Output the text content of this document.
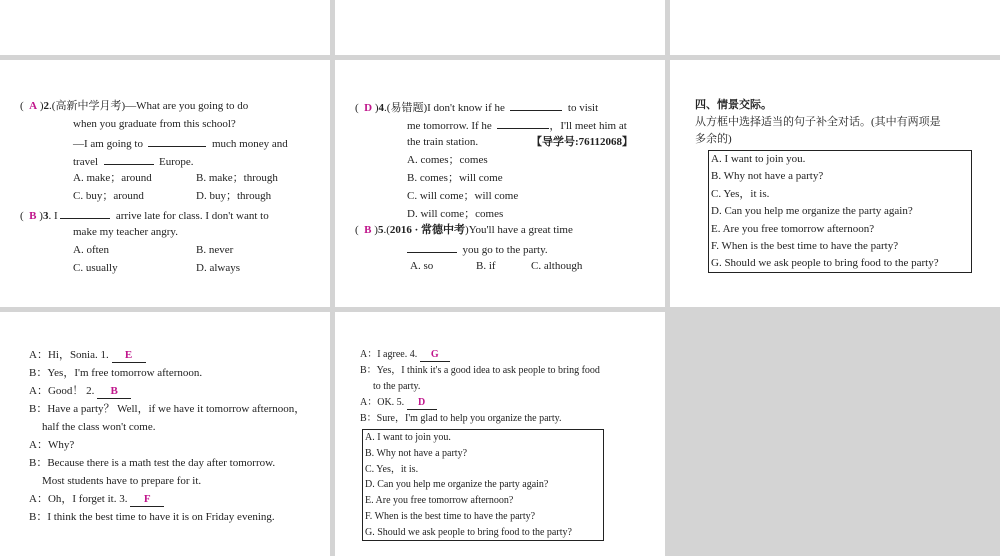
(  A )2.(高新中学月考)—What are you going to do
when you graduate from this school?
—I am going to	much money and
travel	Europe.
A. make；around	B. make；through
C. buy；around	D. buy；through
(  B )3. I	arrive late for class. I don't want to
make my teacher angry.
A. often	B. never
C. usually	D. always
(  D )4.(易错题)I don't know if he	to visit
me tomorrow. If he	，I'll meet him at
the train station.	【导学号:76112068】
A. comes；comes
B. comes；will come
C. will come；will come
D. will come；comes
(  B )5.(2016 · 常德中考)You'll have a great time
you go to the party.
A. so	B. if	C. although
四、情景交际。
从方框中选择适当的句子补全对话。(其中有两项是
多余的)
A. I want to join you.
B. Why not have a party?
C. Yes，it is.
D. Can you help me organize the party again?
E. Are you free tomorrow afternoon?
F. When is the best time to have the party?
G. Should we ask people to bring food to the party?
A：Hi，Sonia. 1. E
B：Yes，I'm free tomorrow afternoon.
A：Good！ 2. B
B：Have a party？ Well，if we have it tomorrow afternoon，
half the class won't come.
A：Why?
B：Because there is a math test the day after tomorrow.
Most students have to prepare for it.
A：Oh，I forget it. 3. F
B：I think the best time to have it is on Friday evening.
A：I agree. 4. G
B：Yes，I think it's a good idea to ask people to bring food
to the party.
A：OK. 5. D
B：Sure，I'm glad to help you organize the party.
A. I want to join you.
B. Why not have a party?
C. Yes，it is.
D. Can you help me organize the party again?
E. Are you free tomorrow afternoon?
F. When is the best time to have the party?
G. Should we ask people to bring food to the party?
